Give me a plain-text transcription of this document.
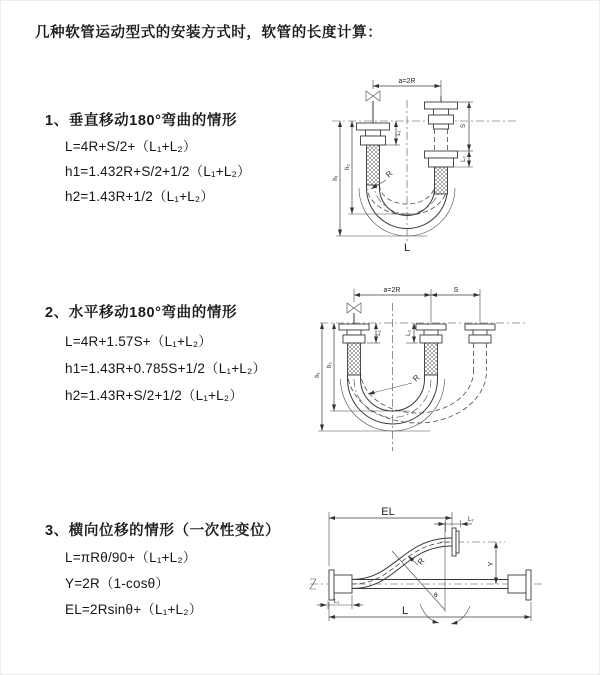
几种软管运动型式的安装方式时，软管的长度计算：
1、垂直移动180°弯曲的情形
L=4R+S/2+（L₁+L₂）
h1=1.432R+S/2+1/2（L₁+L₂）
h2=1.43R+1/2（L₁+L₂）
2、水平移动180°弯曲的情形
L=4R+1.57S+（L₁+L₂）
h1=1.43R+0.785S+1/2（L₁+L₂）
h2=1.43R+S/2+1/2（L₁+L₂）
3、横向位移的情形（一次性变位）
L=πRθ/90+（L₁+L₂）
Y=2R（1-cosθ）
EL=2Rsinθ+（L₁+L₂）
a=2R
L₁
S
L₂
h₁
h₂
R
L
a=2R	S
L₁	L₂
h₁
h₂
R
EL
L₂
L₁
R
θ
Y
L
